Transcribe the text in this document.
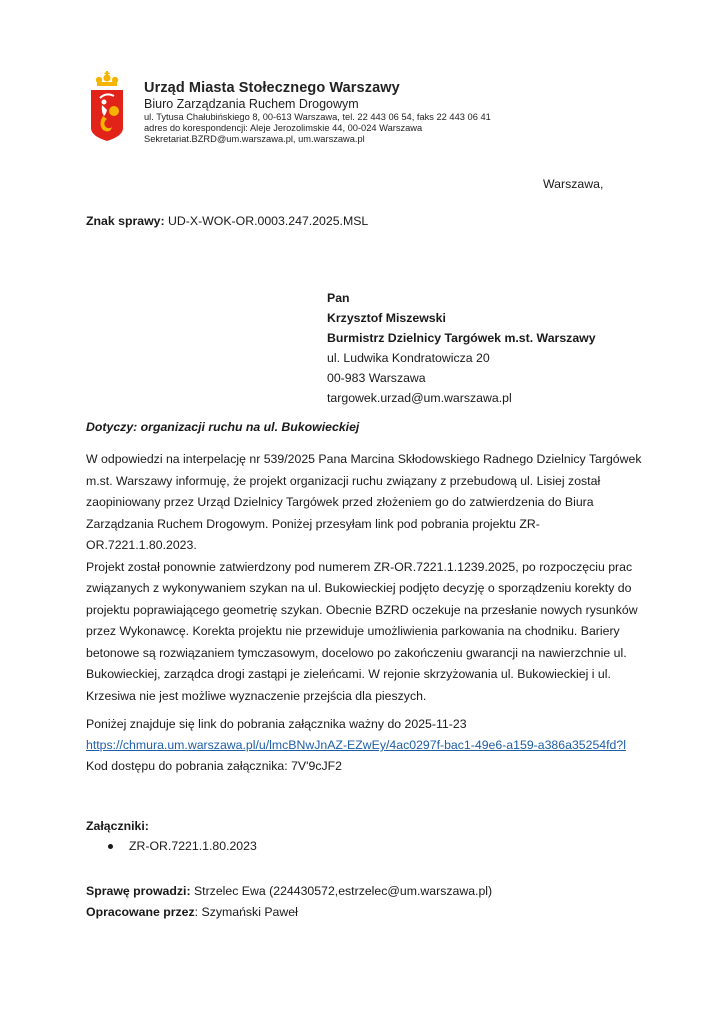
Urząd Miasta Stołecznego Warszawy
Biuro Zarządzania Ruchem Drogowym
ul. Tytusa Chałubińskiego 8, 00-613 Warszawa, tel. 22 443 06 54, faks 22 443 06 41
adres do korespondencji: Aleje Jerozolimskie 44, 00-024 Warszawa
Sekretariat.BZRD@um.warszawa.pl, um.warszawa.pl
Warszawa,
Znak sprawy: UD-X-WOK-OR.0003.247.2025.MSL
Pan
Krzysztof Miszewski
Burmistrz Dzielnicy Targówek m.st. Warszawy
ul. Ludwika Kondratowicza 20
00-983 Warszawa
targowek.urzad@um.warszawa.pl
Dotyczy: organizacji ruchu na ul. Bukowieckiej

W odpowiedzi na interpelację nr 539/2025 Pana Marcina Skłodowskiego Radnego Dzielnicy Targówek m.st. Warszawy informuję, że projekt organizacji ruchu związany z przebudową ul. Lisiej został zaopiniowany przez Urząd Dzielnicy Targówek przed złożeniem go do zatwierdzenia do Biura Zarządzania Ruchem Drogowym. Poniżej przesyłam link pod pobrania projektu ZR-OR.7221.1.80.2023.

Projekt został ponownie zatwierdzony pod numerem ZR-OR.7221.1.1239.2025, po rozpoczęciu prac związanych z wykonywaniem szykan na ul. Bukowieckiej podjęto decyzję o sporządzeniu korekty do projektu poprawiającego geometrię szykan. Obecnie BZRD oczekuje na przesłanie nowych rysunków przez Wykonawcę. Korekta projektu nie przewiduje umożliwienia parkowania na chodniku. Bariery betonowe są rozwiązaniem tymczasowym, docelowo po zakończeniu gwarancji na nawierzchnie ul. Bukowieckiej, zarządca drogi zastąpi je zieleńcami. W rejonie skrzyżowania ul. Bukowieckiej i ul. Krzesiwa nie jest możliwe wyznaczenie przejścia dla pieszych.

Poniżej znajduje się link do pobrania załącznika ważny do 2025-11-23
https://chmura.um.warszawa.pl/u/lmcBNwJnAZ-EZwEy/4ac0297f-bac1-49e6-a159-a386a35254fd?l
Kod dostępu do pobrania załącznika: 7V'9cJF2
Załączniki:
ZR-OR.7221.1.80.2023
Sprawę prowadzi: Strzelec Ewa (224430572,estrzelec@um.warszawa.pl)
Opracowane przez: Szymański Paweł
